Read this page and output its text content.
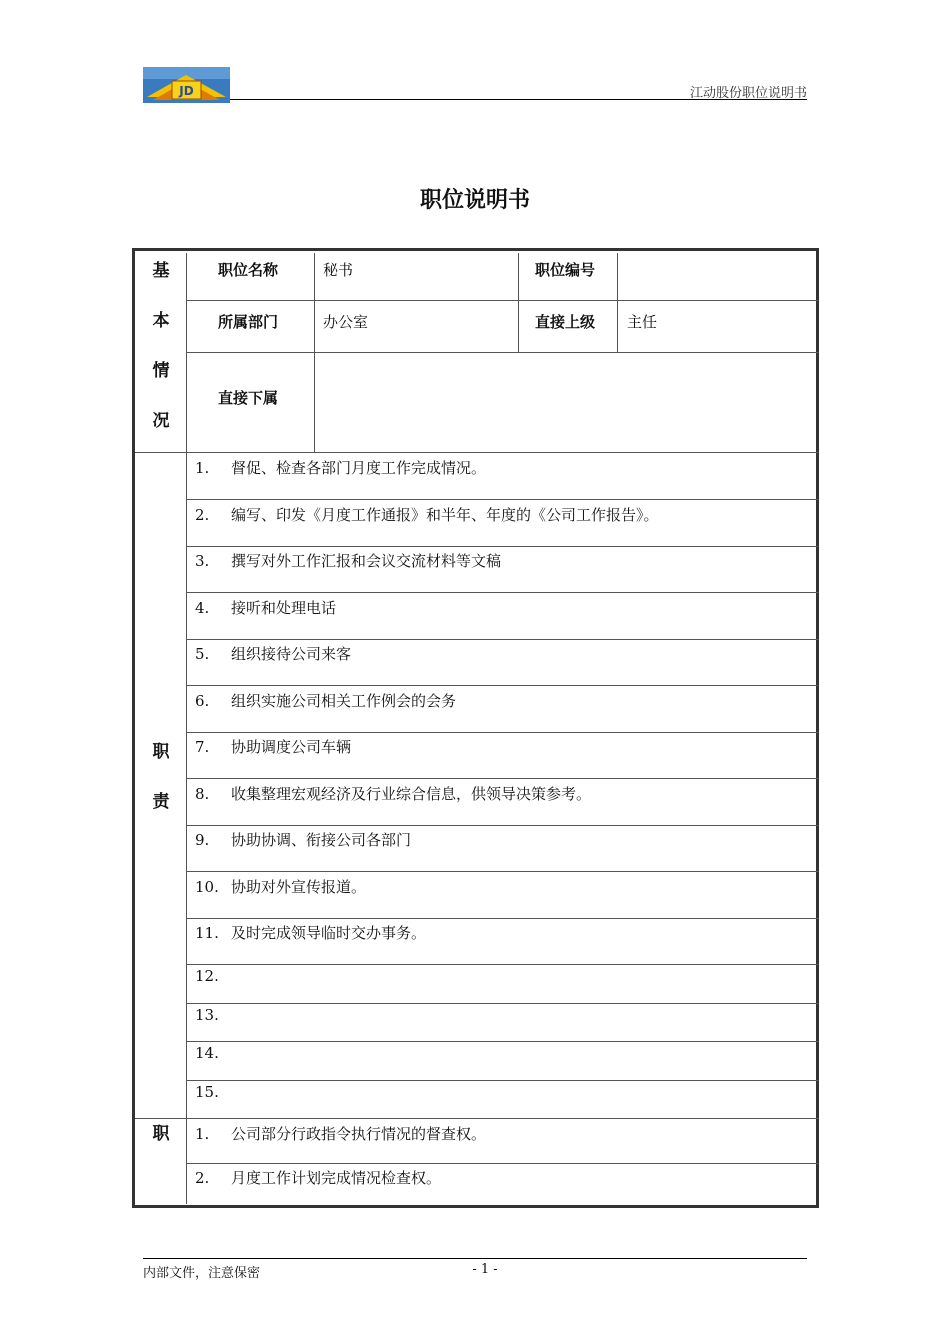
JD	江动股份职位说明书
职位说明书
基
本
情
况
职位名称	秘书	职位编号
所属部门	办公室	直接上级 主任
直接下属
职
责
1. 督促、检查各部门月度工作完成情况。
2. 编写、印发《月度工作通报》和半年、年度的《公司工作报告》。
3. 撰写对外工作汇报和会议交流材料等文稿
4. 接听和处理电话
5. 组织接待公司来客
6. 组织实施公司相关工作例会的会务
7. 协助调度公司车辆
8. 收集整理宏观经济及行业综合信息，供领导决策参考。
9. 协助协调、衔接公司各部门
10. 协助对外宣传报道。
11. 及时完成领导临时交办事务。
12.
13.
14.
15.
职	1. 公司部分行政指令执行情况的督查权。
2. 月度工作计划完成情况检查权。
内部文件，注意保密	- 1 -
